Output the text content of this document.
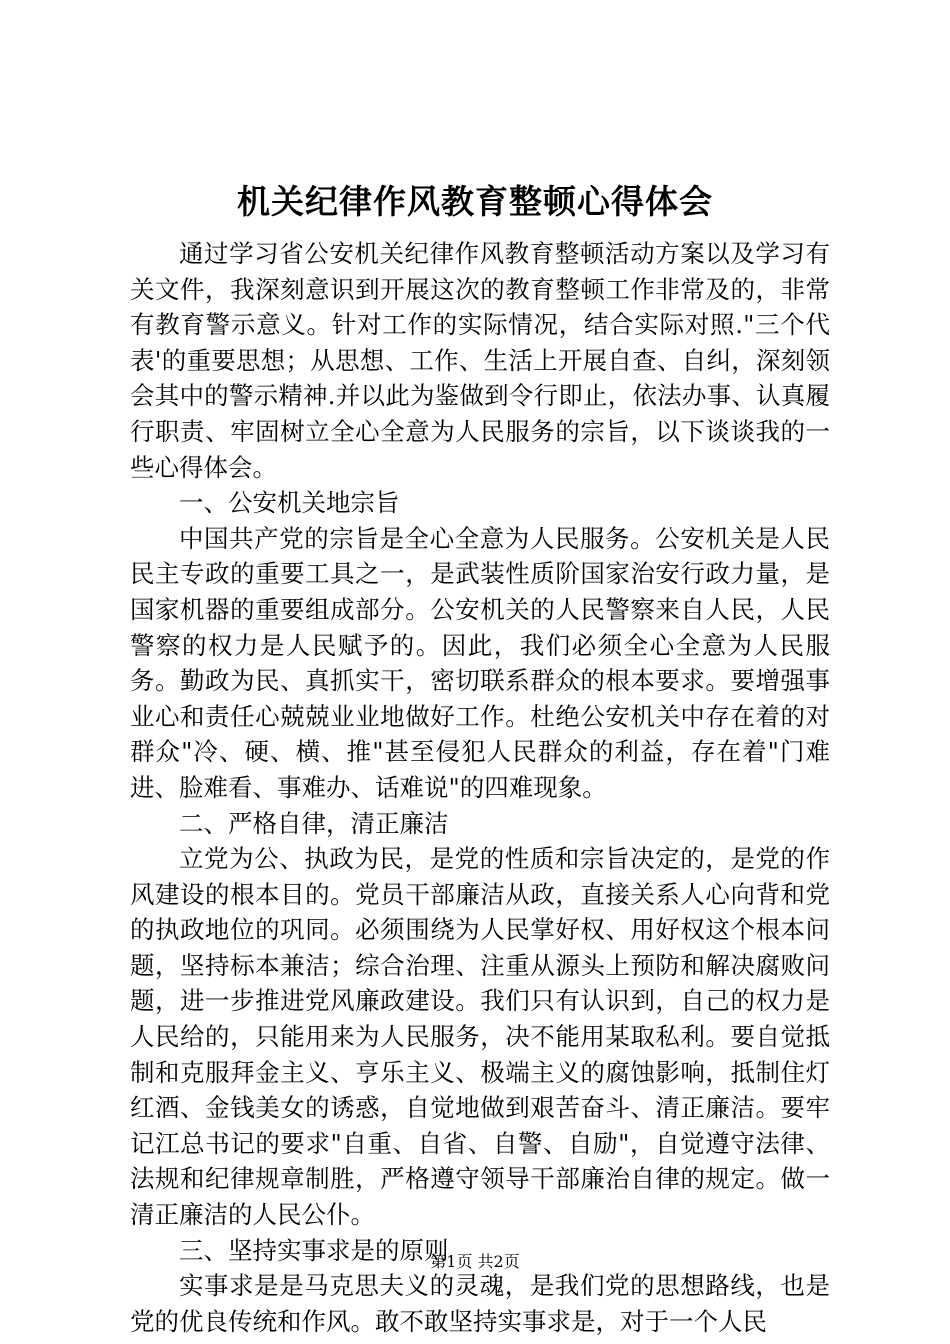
机关纪律作风教育整顿心得体会

通过学习省公安机关纪律作风教育整顿活动方案以及学习有关文件，我深刻意识到开展这次的教育整顿工作非常及的，非常有教育警示意义。针对工作的实际情况，结合实际对照."三个代表'的重要思想；从思想、工作、生活上开展自查、自纠，深刻领会其中的警示精神.并以此为鉴做到令行即止，依法办事、认真履行职责、牢固树立全心全意为人民服务的宗旨，以下谈谈我的一些心得体会。

一、公安机关地宗旨

中国共产党的宗旨是全心全意为人民服务。公安机关是人民民主专政的重要工具之一，是武装性质阶国家治安行政力量，是国家机器的重要组成部分。公安机关的人民警察来自人民，人民警察的权力是人民赋予的。因此，我们必须全心全意为人民服务。勤政为民、真抓实干，密切联系群众的根本要求。要增强事业心和责任心兢兢业业地做好工作。杜绝公安机关中存在着的对群众"冷、硬、横、推"甚至侵犯人民群众的利益，存在着"门难进、脸难看、事难办、话难说"的四难现象。

二、严格自律，清正廉洁

立党为公、执政为民，是党的性质和宗旨决定的，是党的作风建设的根本目的。党员干部廉洁从政，直接关系人心向背和党的执政地位的巩同。必须围绕为人民掌好权、用好权这个根本问题，坚持标本兼洁；综合治理、注重从源头上预防和解决腐败问题，进一步推进党风廉政建设。我们只有认识到，自己的权力是人民给的，只能用来为人民服务，决不能用某取私利。要自觉抵制和克服拜金主义、亨乐主义、极端主义的腐蚀影响，抵制住灯红酒、金钱美女的诱惑，自觉地做到艰苦奋斗、清正廉洁。要牢记江总书记的要求"自重、自省、自警、自励"，自觉遵守法律、法规和纪律规章制胜，严格遵守领导干部廉治自律的规定。做一清正廉洁的人民公仆。

三、坚持实事求是的原则

实事求是是马克思夫义的灵魂，是我们党的思想路线，也是党的优良传统和作风。敢不敢坚持实事求是，对于一个人民

第1页 共2页
